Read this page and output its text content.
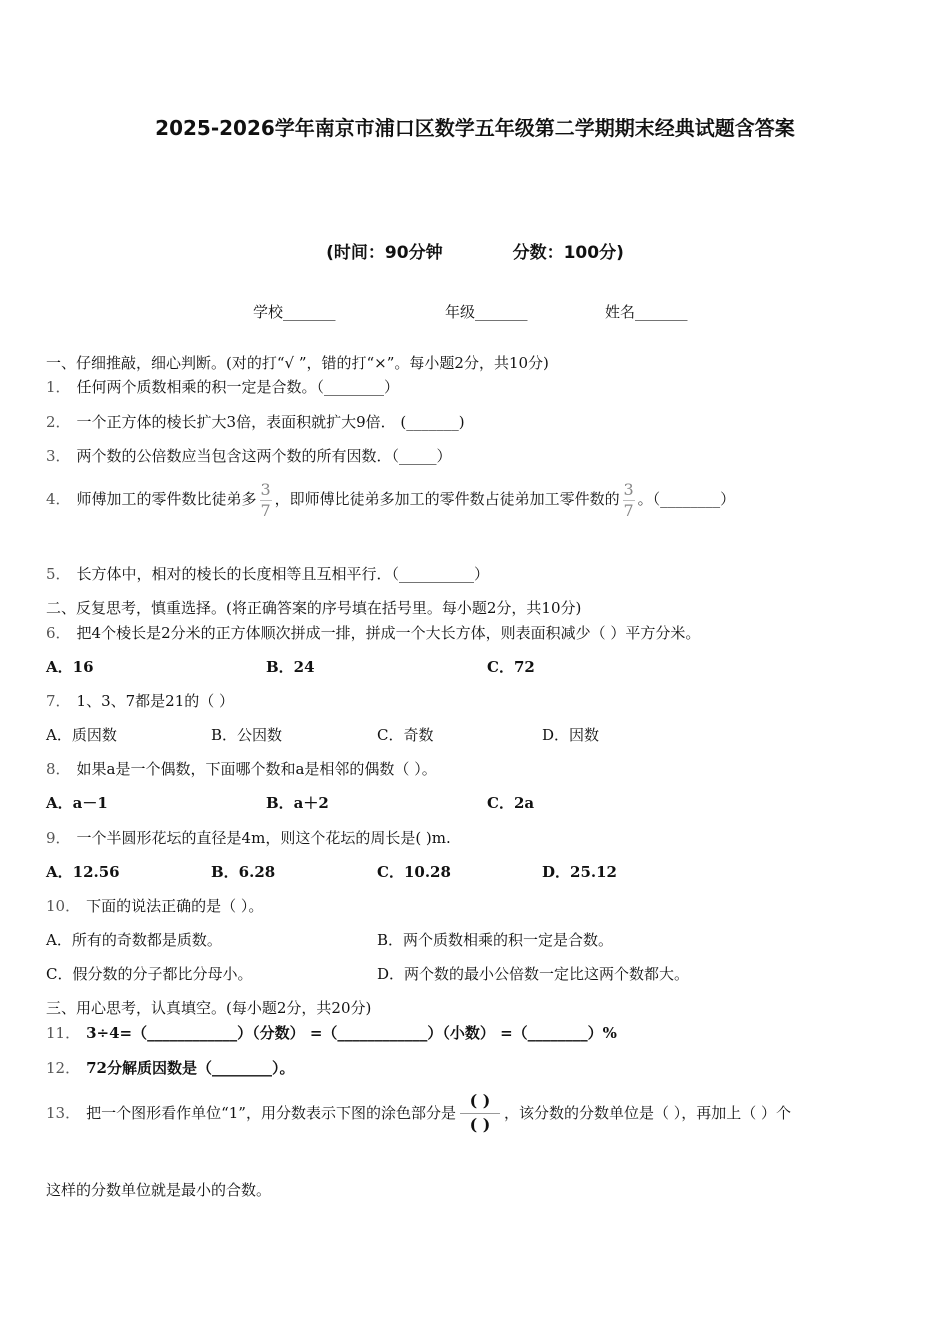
2025-2026学年南京市浦口区数学五年级第二学期期末经典试题含答案
(时间：90分钟	分数：100分)
学校_______	年级_______	姓名_______
一、仔细推敲，细心判断。(对的打“√ ”，错的打“×”。每小题2分，共10分)
1． 任何两个质数相乘的积一定是合数。（________）
2． 一个正方体的棱长扩大3倍，表面积就扩大9倍． (_______)
3． 两个数的公倍数应当包含这两个数的所有因数．（_____）
4． 师傅加工的零件数比徒弟多 $\frac{3}{7}$ ，即师傅比徒弟多加工的零件数占徒弟加工零件数的 $\frac{3}{7}$ 。（________）
5． 长方体中，相对的棱长的长度相等且互相平行．（__________）
二、反复思考，慎重选择。(将正确答案的序号填在括号里。每小题2分，共10分)
6． 把4个棱长是2分米的正方体顺次拼成一排，拼成一个大长方体，则表面积减少（ ）平方分米。
A．16	B．24	C．72
7． 1、3、7都是21的（ ）
A．质因数	B．公因数	C．奇数	D．因数
8． 如果a是一个偶数，下面哪个数和a是相邻的偶数（ ）。
A．a－1	B．a＋2	C．2a
9． 一个半圆形花坛的直径是4m，则这个花坛的周长是( )m.
A．12.56	B．6.28	C．10.28	D．25.12
10． 下面的说法正确的是（ ）。
A．所有的奇数都是质数。	B．两个质数相乘的积一定是合数。
C．假分数的分子都比分母小。	D．两个数的最小公倍数一定比这两个数都大。
三、用心思考，认真填空。(每小题2分，共20分)
11． 3÷4=（____________）（分数） =（____________）（小数） =（________）%
12． 72分解质因数是（________）。
13． 把一个图形看作单位“1”，用分数表示下图的涂色部分是
( )
( )
，该分数的分数单位是（ ），再加上（ ）个
这样的分数单位就是最小的合数。
